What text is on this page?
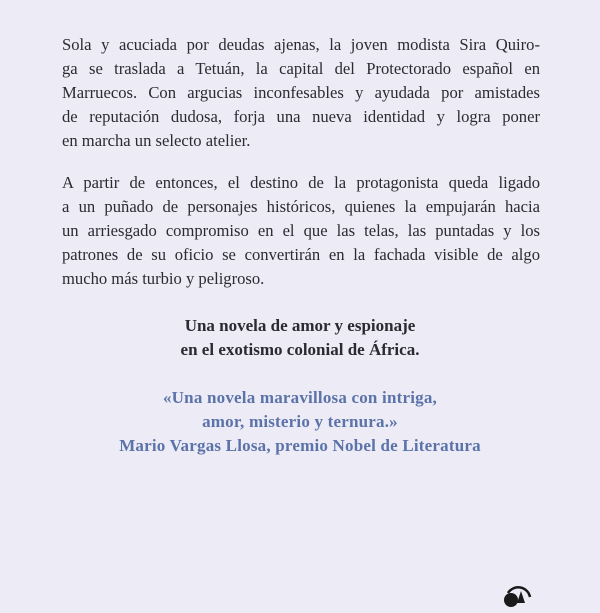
Sola y acuciada por deudas ajenas, la joven modista Sira Quiro-
ga se traslada a Tetuán, la capital del Protectorado español en
Marruecos. Con argucias inconfesables y ayudada por amistades
de reputación dudosa, forja una nueva identidad y logra poner
en marcha un selecto atelier.
A partir de entonces, el destino de la protagonista queda ligado
a un puñado de personajes históricos, quienes la empujarán hacia
un arriesgado compromiso en el que las telas, las puntadas y los
patrones de su oficio se convertirán en la fachada visible de algo
mucho más turbio y peligroso.
Una novela de amor y espionaje
en el exotismo colonial de África.
«Una novela maravillosa con intriga,
amor, misterio y ternura.»
Mario Vargas Llosa, premio Nobel de Literatura
